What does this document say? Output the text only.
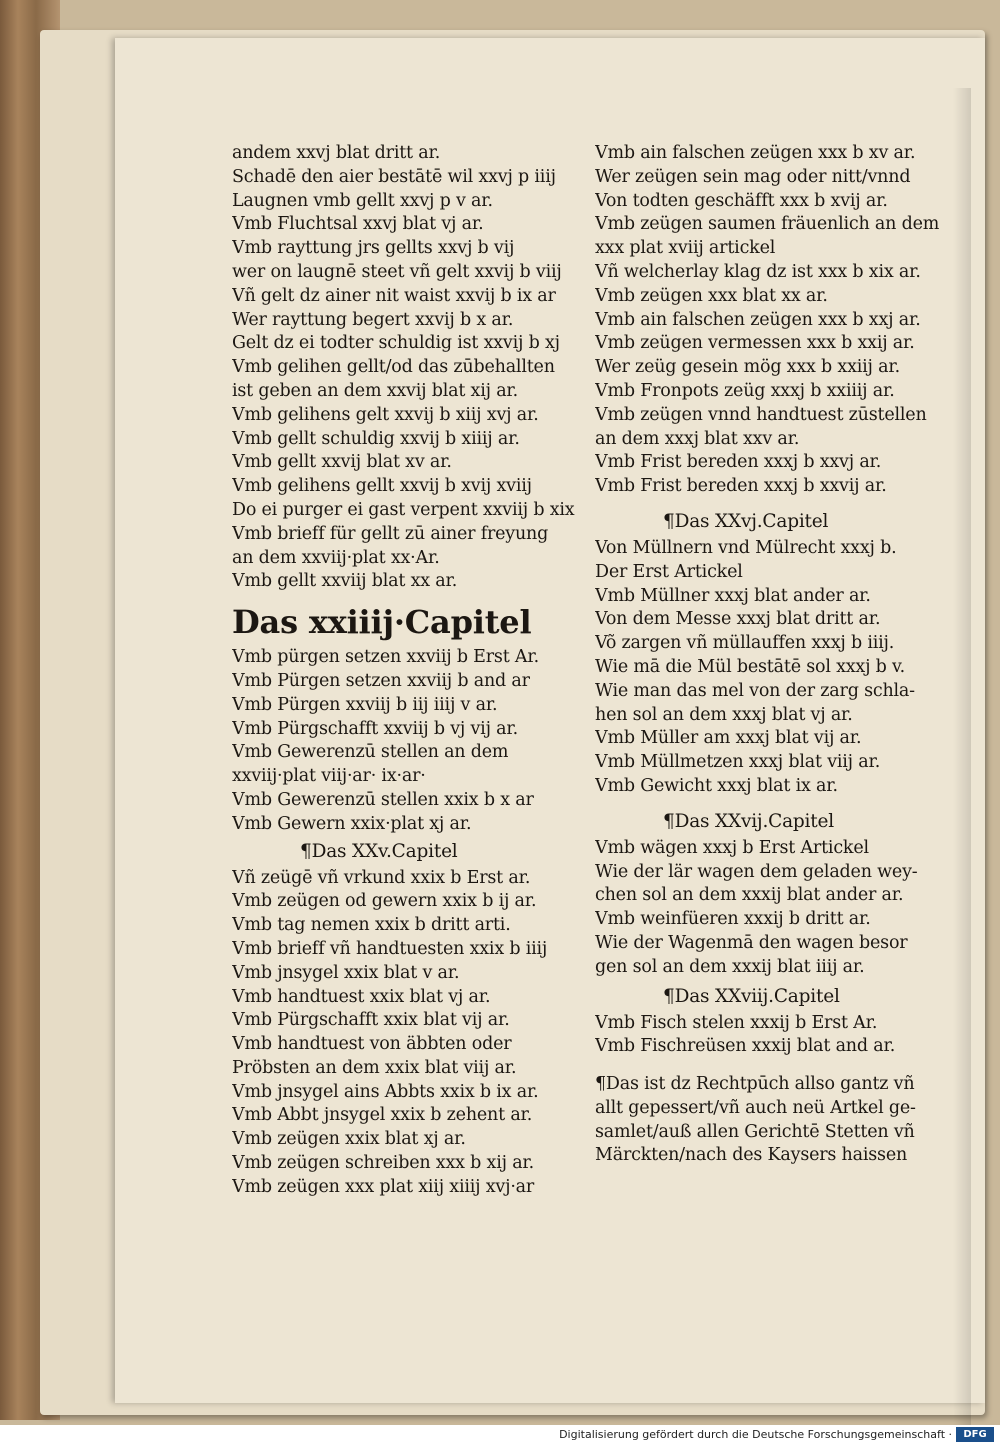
andem xxvj blat dritt ar.
Schadē den aier bestātē wil xxvj p iiij
Laugnen vmb gellt xxvj p v ar.
Vmb Fluchtsal xxvj blat vj ar.
Vmb rayttung jrs gellts xxvj b vij
wer on laugnē steet vñ gelt xxvij b viij
Vñ gelt dz ainer nit waist xxvij b ix ar
Wer rayttung begert xxvij b x ar.
Gelt dz ei todter schuldig ist xxvij b xj
Vmb gelihen gellt/od das zūbehallten
ist geben an dem xxvij blat xij ar.
Vmb gelihens gelt xxvij b xiij xvj ar.
Vmb gellt schuldig xxvij b xiiij ar.
Vmb gellt xxvij blat xv ar.
Vmb gelihens gellt xxvij b xvij xviij
Do ei purger ei gast verpent xxviij b xix
Vmb brieff für gellt zū ainer freyung
an dem xxviij·plat xx·Ar.
Vmb gellt xxviij blat xx ar.
Das xxiiij·Capitel
Vmb pürgen setzen xxviij b Erst Ar.
Vmb Pürgen setzen xxviij b and ar
Vmb Pürgen xxviij b iij iiij v ar.
Vmb Pürgschafft xxviij b vj vij ar.
Vmb Gewerenzū stellen an dem
xxviij·plat viij·ar· ix·ar·
Vmb Gewerenzū stellen xxix b x ar
Vmb Gewern xxix·plat xj ar.
¶Das XXv.Capitel
Vñ zeügē vñ vrkund xxix b Erst ar.
Vmb zeügen od gewern xxix b ij ar.
Vmb tag nemen xxix b dritt arti.
Vmb brieff vñ handtuesten xxix b iiij
Vmb jnsygel xxix blat v ar.
Vmb handtuest xxix blat vj ar.
Vmb Pürgschafft xxix blat vij ar.
Vmb handtuest von äbbten oder
Pröbsten an dem xxix blat viij ar.
Vmb jnsygel ains Abbts xxix b ix ar.
Vmb Abbt jnsygel xxix b zehent ar.
Vmb zeügen xxix blat xj ar.
Vmb zeügen schreiben xxx b xij ar.
Vmb zeügen xxx plat xiij xiiij xvj·ar
Vmb ain falschen zeügen xxx b xv ar.
Wer zeügen sein mag oder nitt/vnnd
Von todten geschäfft xxx b xvij ar.
Vmb zeügen saumen fräuenlich an dem
xxx plat xviij artickel
Vñ welcherlay klag dz ist xxx b xix ar.
Vmb zeügen xxx blat xx ar.
Vmb ain falschen zeügen xxx b xxj ar.
Vmb zeügen vermessen xxx b xxij ar.
Wer zeüg gesein mög xxx b xxiij ar.
Vmb Fronpots zeüg xxxj b xxiiij ar.
Vmb zeügen vnnd handtuest zūstellen
an dem xxxj blat xxv ar.
Vmb Frist bereden xxxj b xxvj ar.
Vmb Frist bereden xxxj b xxvij ar.
¶Das XXvj.Capitel
Von Müllnern vnd Mülrecht xxxj b.
Der Erst Artickel
Vmb Müllner xxxj blat ander ar.
Von dem Messe xxxj blat dritt ar.
Võ zargen vñ müllauffen xxxj b iiij.
Wie mā die Mül bestātē sol xxxj b v.
Wie man das mel von der zarg schla-
hen sol an dem xxxj blat vj ar.
Vmb Müller am xxxj blat vij ar.
Vmb Müllmetzen xxxj blat viij ar.
Vmb Gewicht xxxj blat ix ar.
¶Das XXvij.Capitel
Vmb wägen xxxj b Erst Artickel
Wie der lär wagen dem geladen wey-
chen sol an dem xxxij blat ander ar.
Vmb weinfüeren xxxij b dritt ar.
Wie der Wagenmā den wagen besor
gen sol an dem xxxij blat iiij ar.
¶Das XXviij.Capitel
Vmb Fisch stelen xxxij b Erst Ar.
Vmb Fischreüsen xxxij blat and ar.
¶Das ist dz Rechtpūch allso gantz vñ
allt gepessert/vñ auch neü Artkel ge-
samlet/auß allen Gerichtē Stetten vñ
Märckten/nach des Kaysers haissen
Digitalisierung gefördert durch die Deutsche Forschungsgemeinschaft ·	DFG
